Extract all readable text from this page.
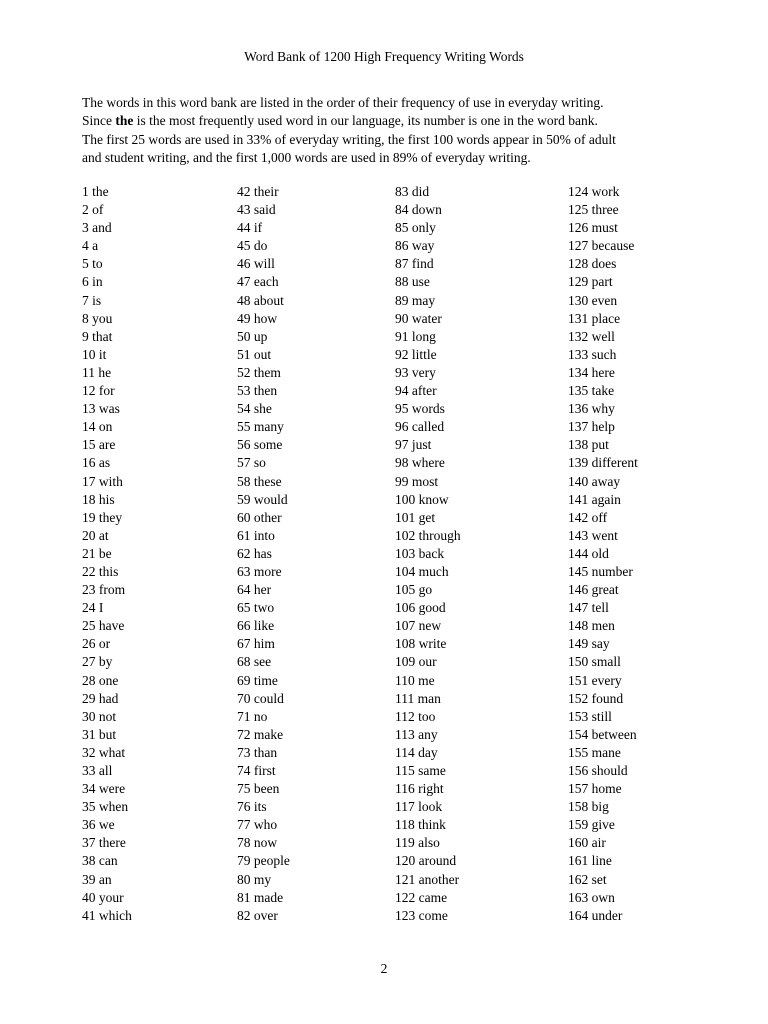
Word Bank of 1200 High Frequency Writing Words
The words in this word bank are listed in the order of their frequency of use in everyday writing.
Since the is the most frequently used word in our language, its number is one in the word bank.
The first 25 words are used in 33% of everyday writing, the first 100 words appear in 50% of adult
and student writing, and the first 1,000 words are used in 89% of everyday writing.
1 the
2 of
3 and
4 a
5 to
6 in
7 is
8 you
9 that
10 it
11 he
12 for
13 was
14 on
15 are
16 as
17 with
18 his
19 they
20 at
21 be
22 this
23 from
24 I
25 have
26 or
27 by
28 one
29 had
30 not
31 but
32 what
33 all
34 were
35 when
36 we
37 there
38 can
39 an
40 your
41 which
42 their
43 said
44 if
45 do
46 will
47 each
48 about
49 how
50 up
51 out
52 them
53 then
54 she
55 many
56 some
57 so
58 these
59 would
60 other
61 into
62 has
63 more
64 her
65 two
66 like
67 him
68 see
69 time
70 could
71 no
72 make
73 than
74 first
75 been
76 its
77 who
78 now
79 people
80 my
81 made
82 over
83 did
84 down
85 only
86 way
87 find
88 use
89 may
90 water
91 long
92 little
93 very
94 after
95 words
96 called
97 just
98 where
99 most
100 know
101 get
102 through
103 back
104 much
105 go
106 good
107 new
108 write
109 our
110 me
111 man
112 too
113 any
114 day
115 same
116 right
117 look
118 think
119 also
120 around
121 another
122 came
123 come
124 work
125 three
126 must
127 because
128 does
129 part
130 even
131 place
132 well
133 such
134 here
135 take
136 why
137 help
138 put
139 different
140 away
141 again
142 off
143 went
144 old
145 number
146 great
147 tell
148 men
149 say
150 small
151 every
152 found
153 still
154 between
155 mane
156 should
157 home
158 big
159 give
160 air
161 line
162 set
163 own
164 under
2
